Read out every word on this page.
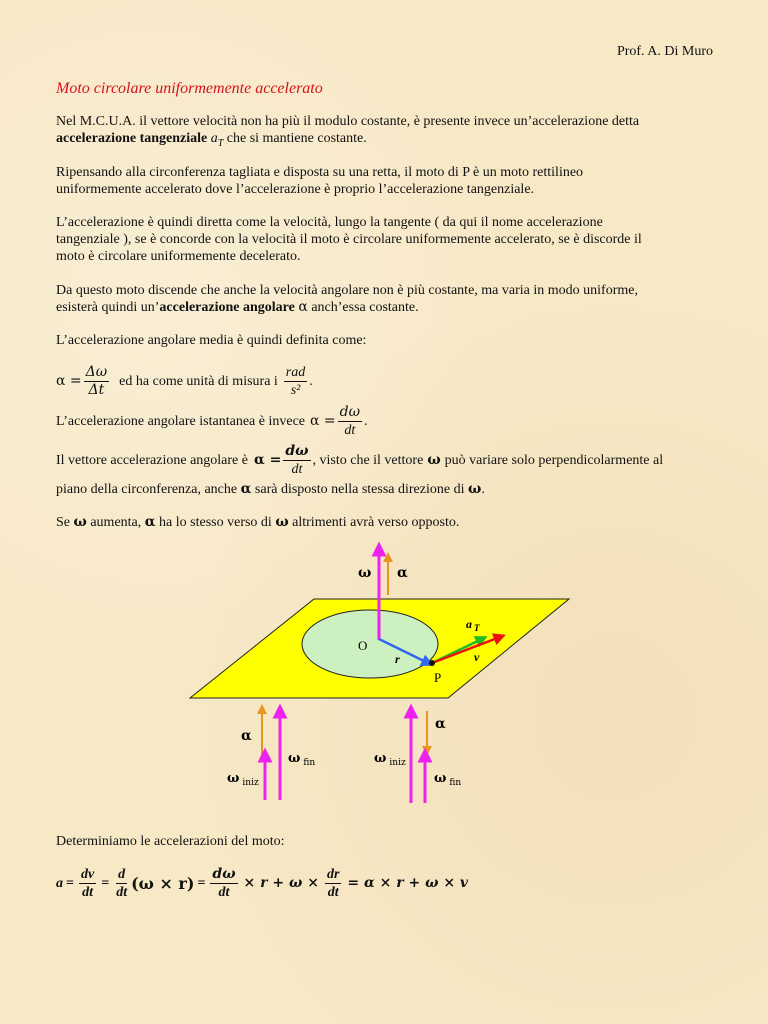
Prof. A. Di Muro
Moto circolare uniformemente accelerato

Nel M.C.U.A. il vettore velocità non ha più il modulo costante, è presente invece un’accelerazione detta

accelerazione tangenziale $a_T$ che si mantiene costante.

Ripensando alla circonferenza tagliata e disposta su una retta, il moto di P è un moto rettilineo

uniformemente accelerato dove l’accelerazione è proprio l’accelerazione tangenziale.

L’accelerazione è quindi diretta come la velocità, lungo la tangente ( da qui il nome accelerazione

tangenziale ), se è concorde con la velocità il moto è circolare uniformemente accelerato, se è discorde il

moto è circolare uniformemente decelerato.

Da questo moto discende che anche la velocità angolare non è più costante, ma varia in modo uniforme,

esisterà quindi un’accelerazione angolare α anch’essa costante.

L’accelerazione angolare media è quindi definita come:

$\alpha = \frac{\Delta\omega}{\Delta t}$ ed ha come unità di misura i $\frac{\text{rad}}{\text{s²}}$ .
L’accelerazione angolare istantanea è invece $\alpha = \frac{d\omega}{dt}$ .
Il vettore accelerazione angolare è $\alpha = \frac{d\omega}{dt}$ , visto che il vettore ω può variare solo perpendicolarmente al

piano della circonferenza, anche α sarà disposto nella stessa direzione di ω.

Se ω aumenta, α ha lo stesso verso di ω altrimenti avrà verso opposto.

ω α
O
r
a $_T$
v
P
α
ω $_{fin}$
ω $_{iniz}$
α
ω $_{iniz}$
ω $_{fin}$

Determiniamo le accelerazioni del moto:

$a = \frac{dv}{dt} = \frac{d}{dt} (\omega \times r) = \frac{d\omega}{dt} \times r + \omega \times \frac{dr}{dt} = \alpha \times r + \omega \times v$
